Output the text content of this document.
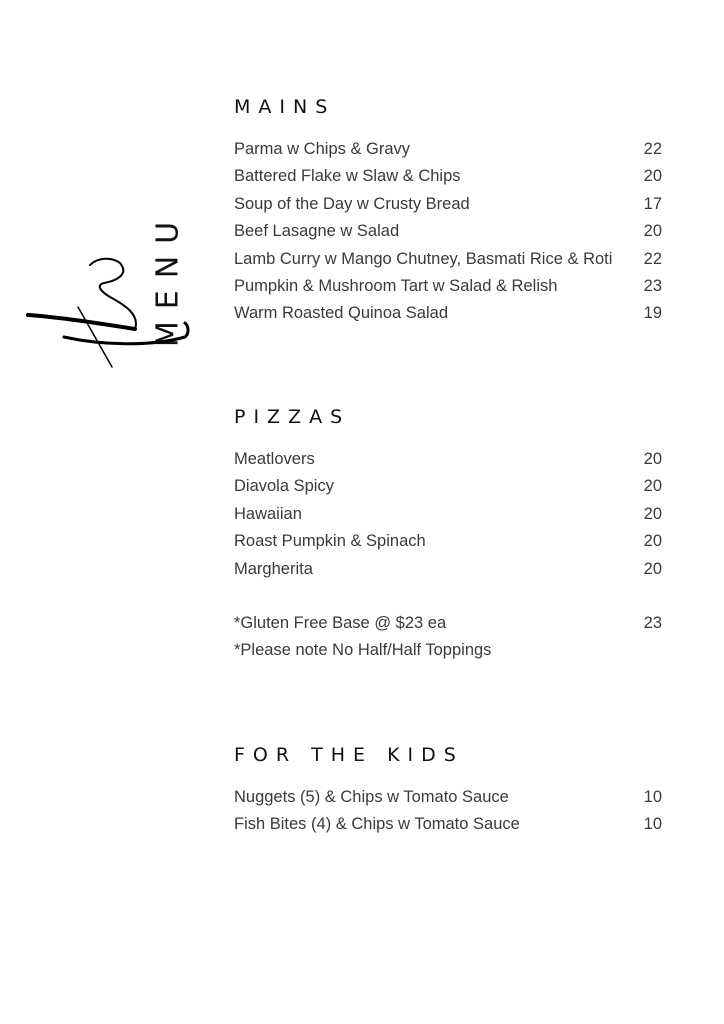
MENU
MAINS
Parma w Chips & Gravy	22
Battered Flake w Slaw & Chips	20
Soup of the Day w Crusty Bread	17
Beef Lasagne w Salad	20
Lamb Curry w Mango Chutney, Basmati Rice & Roti	22
Pumpkin & Mushroom Tart w Salad & Relish	23
Warm Roasted Quinoa Salad	19
PIZZAS
Meatlovers	20
Diavola Spicy	20
Hawaiian	20
Roast Pumpkin & Spinach	20
Margherita	20
*Gluten Free Base @ $23 ea	23
*Please note No Half/Half Toppings
FOR THE KIDS
Nuggets (5) & Chips w Tomato Sauce	10
Fish Bites (4) & Chips w Tomato Sauce	10
